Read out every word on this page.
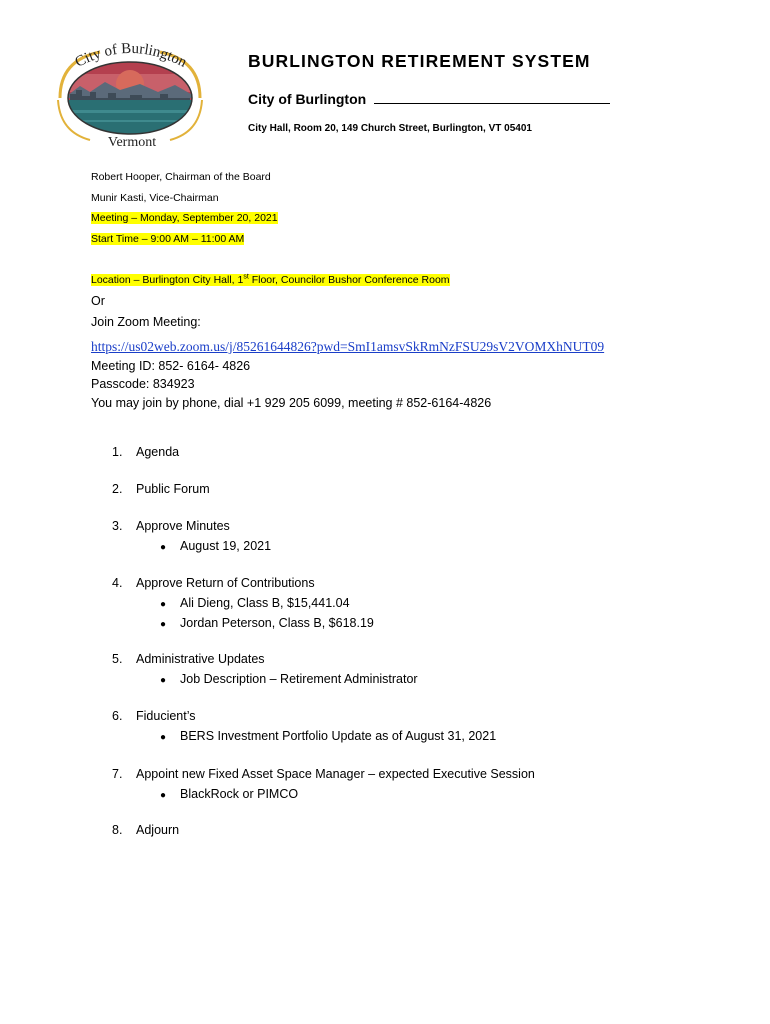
City of Burlington
Vermont
BURLINGTON RETIREMENT SYSTEM
City of Burlington
City Hall, Room 20, 149 Church Street, Burlington, VT 05401
Robert Hooper, Chairman of the Board
Munir Kasti, Vice-Chairman
Meeting – Monday, September 20, 2021
Start Time – 9:00 AM – 11:00 AM
Location – Burlington City Hall, 1st Floor, Councilor Bushor Conference Room
Or
Join Zoom Meeting:
https://us02web.zoom.us/j/85261644826?pwd=SmI1amsvSkRmNzFSU29sV2VOMXhNUT09
Meeting ID: 852- 6164- 4826
Passcode: 834923
You may join by phone, dial +1 929 205 6099, meeting # 852-6164-4826
1. Agenda
2. Public Forum
3. Approve Minutes
● August 19, 2021
4. Approve Return of Contributions
● Ali Dieng, Class B, $15,441.04
● Jordan Peterson, Class B, $618.19
5. Administrative Updates
● Job Description – Retirement Administrator
6. Fiducient’s
● BERS Investment Portfolio Update as of August 31, 2021
7. Appoint new Fixed Asset Space Manager – expected Executive Session
● BlackRock or PIMCO
8. Adjourn
